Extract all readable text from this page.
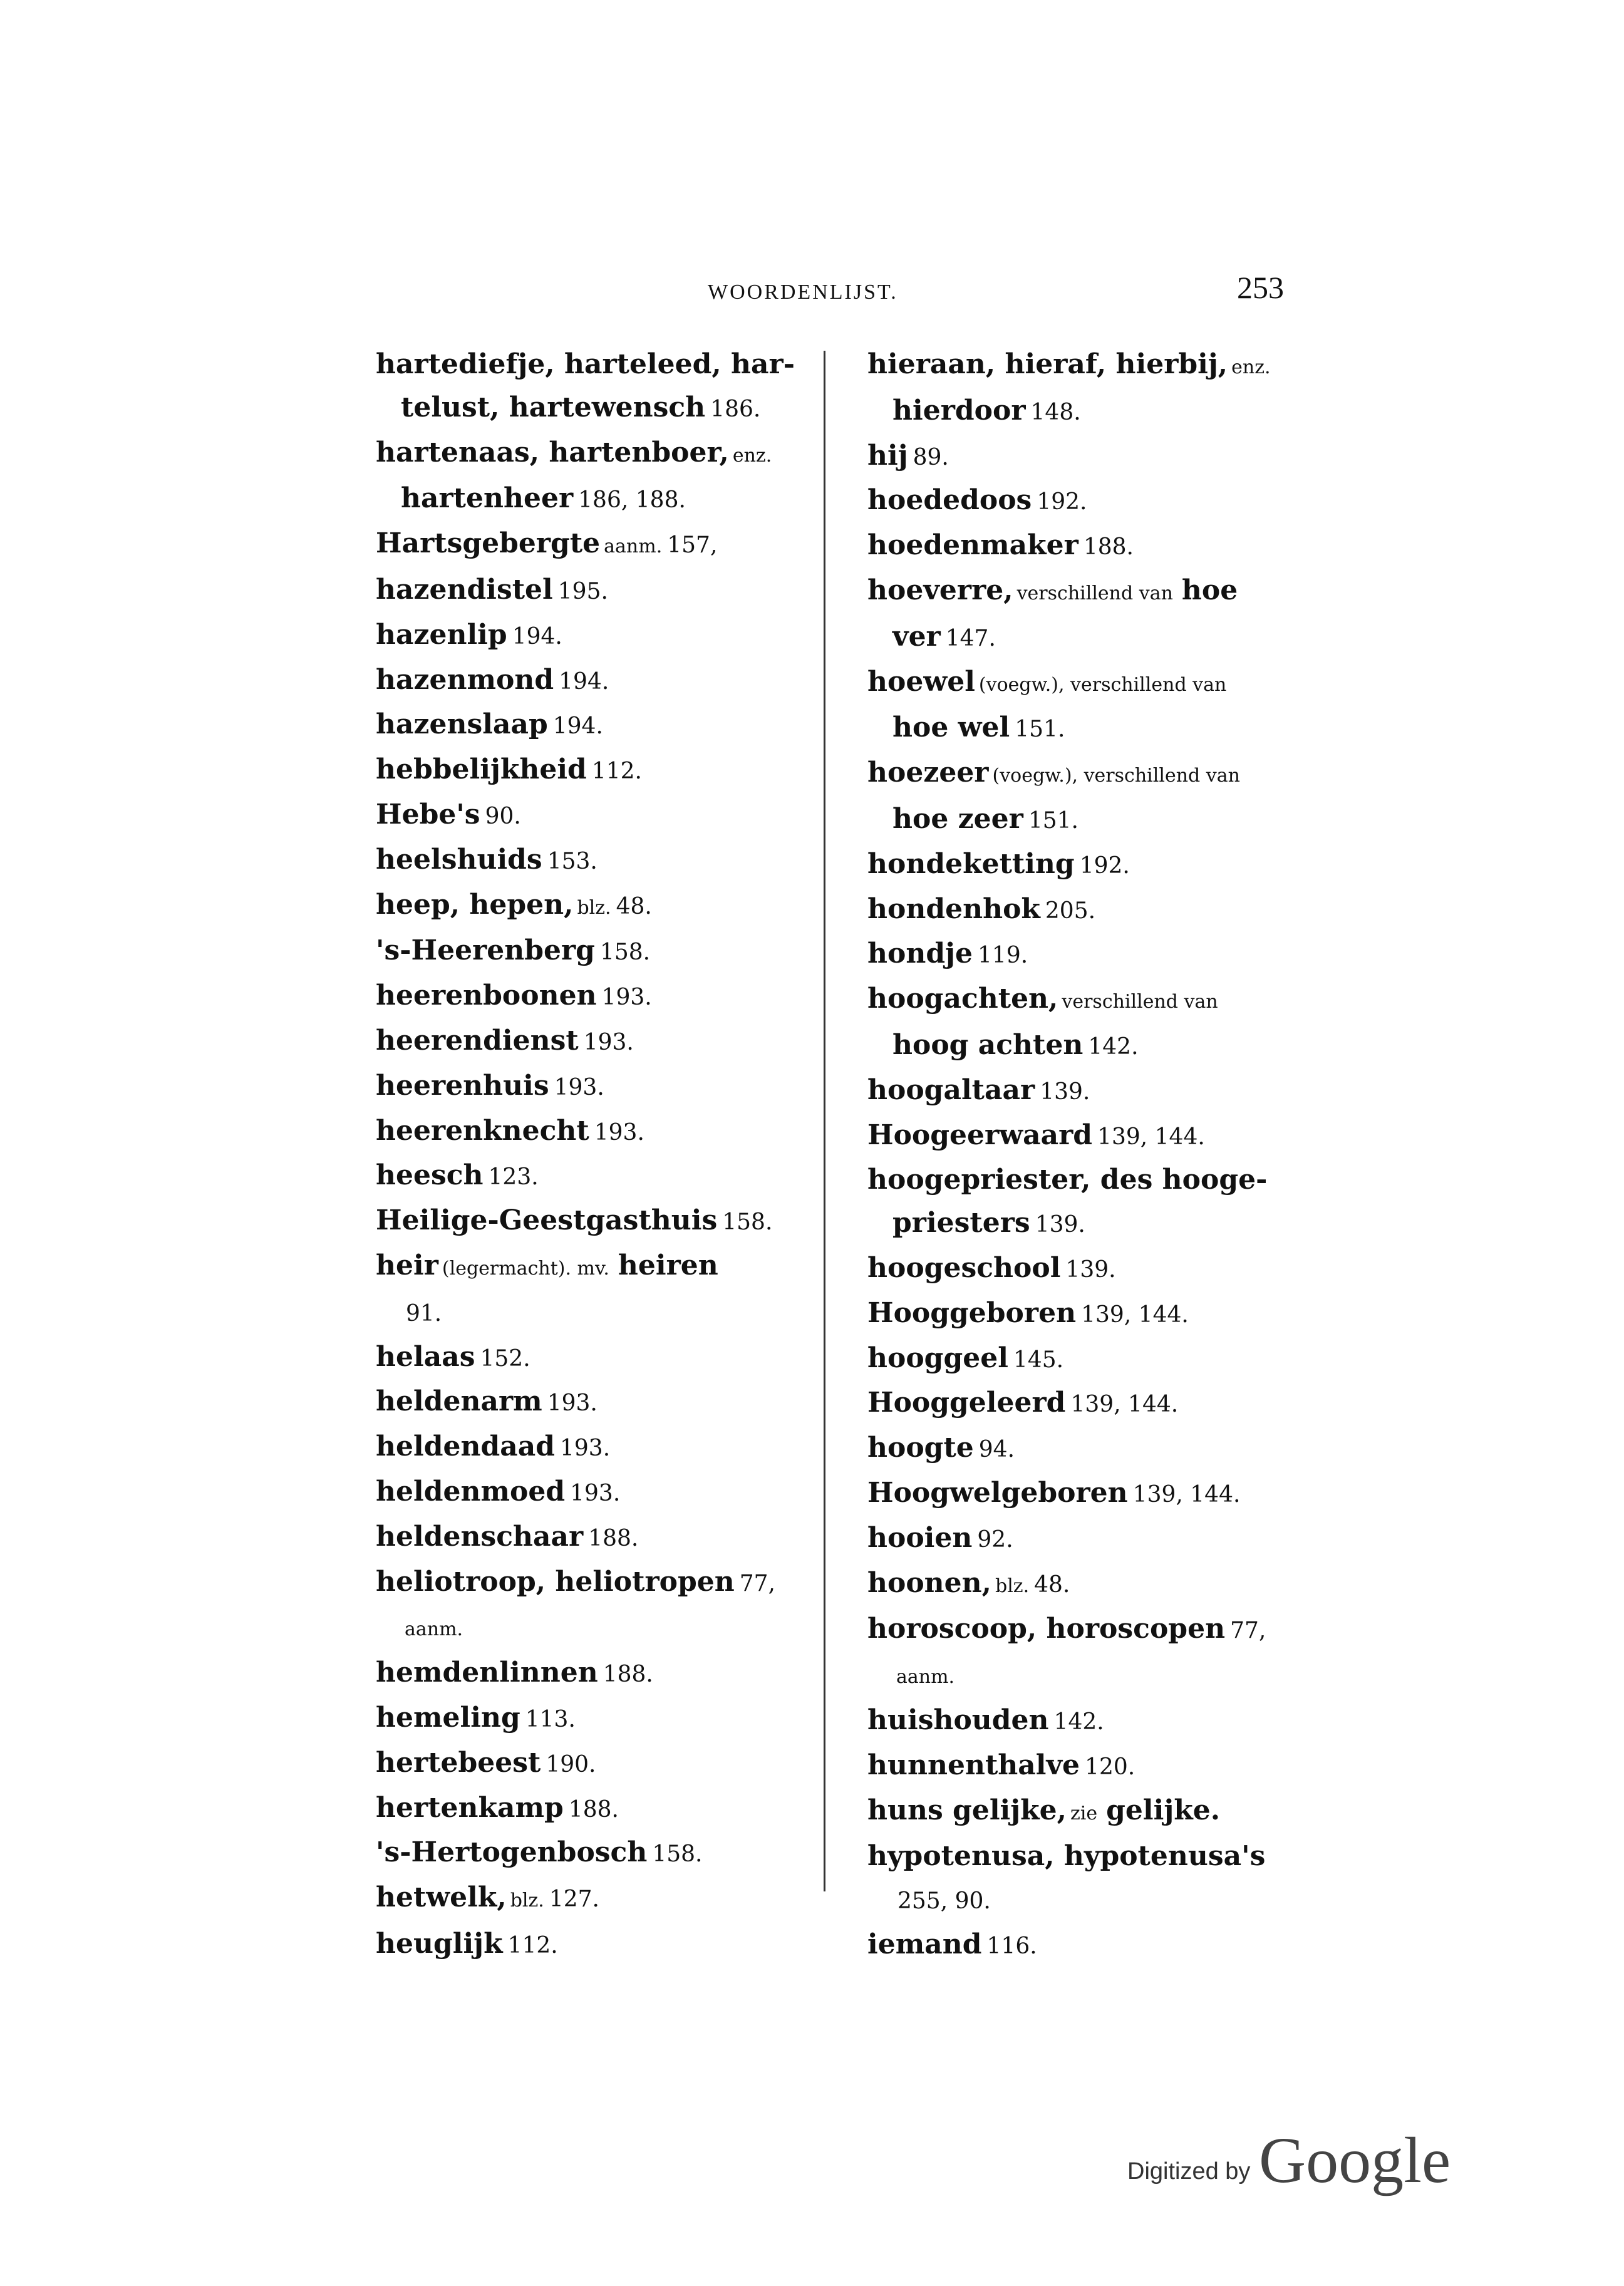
WOORDENLIJST.	253

hartediefje, harteleed, har-
telust, hartewensch 186.

hartenaas, hartenboer, enz.
hartenheer 186, 188.

Hartsgebergte aanm. 157,

hazendistel 195.

hazenlip 194.

hazenmond 194.

hazenslaap 194.

hebbelijkheid 112.

Hebe's 90.

heelshuids 153.

heep, hepen, blz. 48.

's-Heerenberg 158.

heerenboonen 193.

heerendienst 193.

heerenhuis 193.

heerenknecht 193.

heesch 123.

Heilige-Geestgasthuis 158.

heir (legermacht). mv. heiren
91.

helaas 152.

heldenarm 193.

heldendaad 193.

heldenmoed 193.

heldenschaar 188.

heliotroop, heliotropen 77,
aanm.

hemdenlinnen 188.

hemeling 113.

hertebeest 190.

hertenkamp 188.

's-Hertogenbosch 158.

hetwelk, blz. 127.

heuglijk 112.

hieraan, hieraf, hierbij, enz.
hierdoor 148.

hij 89.

hoededoos 192.

hoedenmaker 188.

hoeverre, verschillend van hoe
ver 147.

hoewel (voegw.), verschillend van
hoe wel 151.

hoezeer (voegw.), verschillend van
hoe zeer 151.

hondeketting 192.

hondenhok 205.

hondje 119.

hoogachten, verschillend van
hoog achten 142.

hoogaltaar 139.

Hoogeerwaard 139, 144.

hoogepriester, des hooge-
priesters 139.

hoogeschool 139.

Hooggeboren 139, 144.

hooggeel 145.

Hooggeleerd 139, 144.

hoogte 94.

Hoogwelgeboren 139, 144.

hooien 92.

hoonen, blz. 48.

horoscoop, horoscopen 77,
aanm.

huishouden 142.

hunnenthalve 120.

huns gelijke, zie gelijke.

hypotenusa, hypotenusa's
255, 90.

iemand 116.

Digitized by Google
